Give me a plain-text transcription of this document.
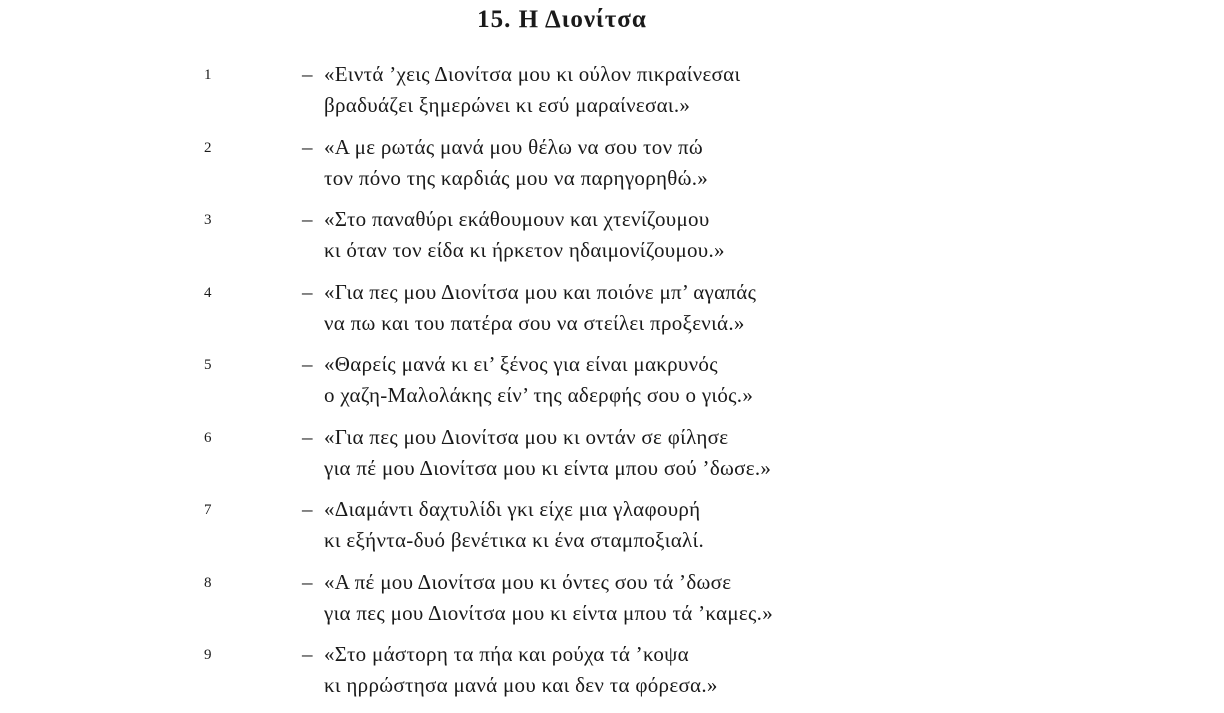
15. Η Διονίτσα
1	– «Ειντά ’χεις Διονίτσα μου κι ούλον πικραίνεσαι
βραδυάζει ξημερώνει κι εσύ μαραίνεσαι.»
2	– «Α με ρωτάς μανά μου θέλω να σου τον πώ
τον πόνο της καρδιάς μου να παρηγορηθώ.»
3	– «Στο παναθύρι εκάθουμουν και χτενίζουμου
κι όταν τον είδα κι ήρκετον ηδαιμονίζουμου.»
4	– «Για πες μου Διονίτσα μου και ποιόνε μπ’ αγαπάς
να πω και του πατέρα σου να στείλει προξενιά.»
5	– «Θαρείς μανά κι ει’ ξένος για είναι μακρυνός
ο χαζη-Μαλολάκης είν’ της αδερφής σου ο γιός.»
6	– «Για πες μου Διονίτσα μου κι οντάν σε φίλησε
για πέ μου Διονίτσα μου κι είντα μπου σού ’δωσε.»
7	– «Διαμάντι δαχτυλίδι γκι είχε μια γλαφουρή
κι εξήντα-δυό βενέτικα κι ένα σταμποξιαλί.
8	– «Α πέ μου Διονίτσα μου κι όντες σου τά ’δωσε
για πες μου Διονίτσα μου κι είντα μπου τά ’καμες.»
9	– «Στο μάστορη τα πήα και ρούχα τά ’κοψα
κι ηρρώστησα μανά μου και δεν τα φόρεσα.»
